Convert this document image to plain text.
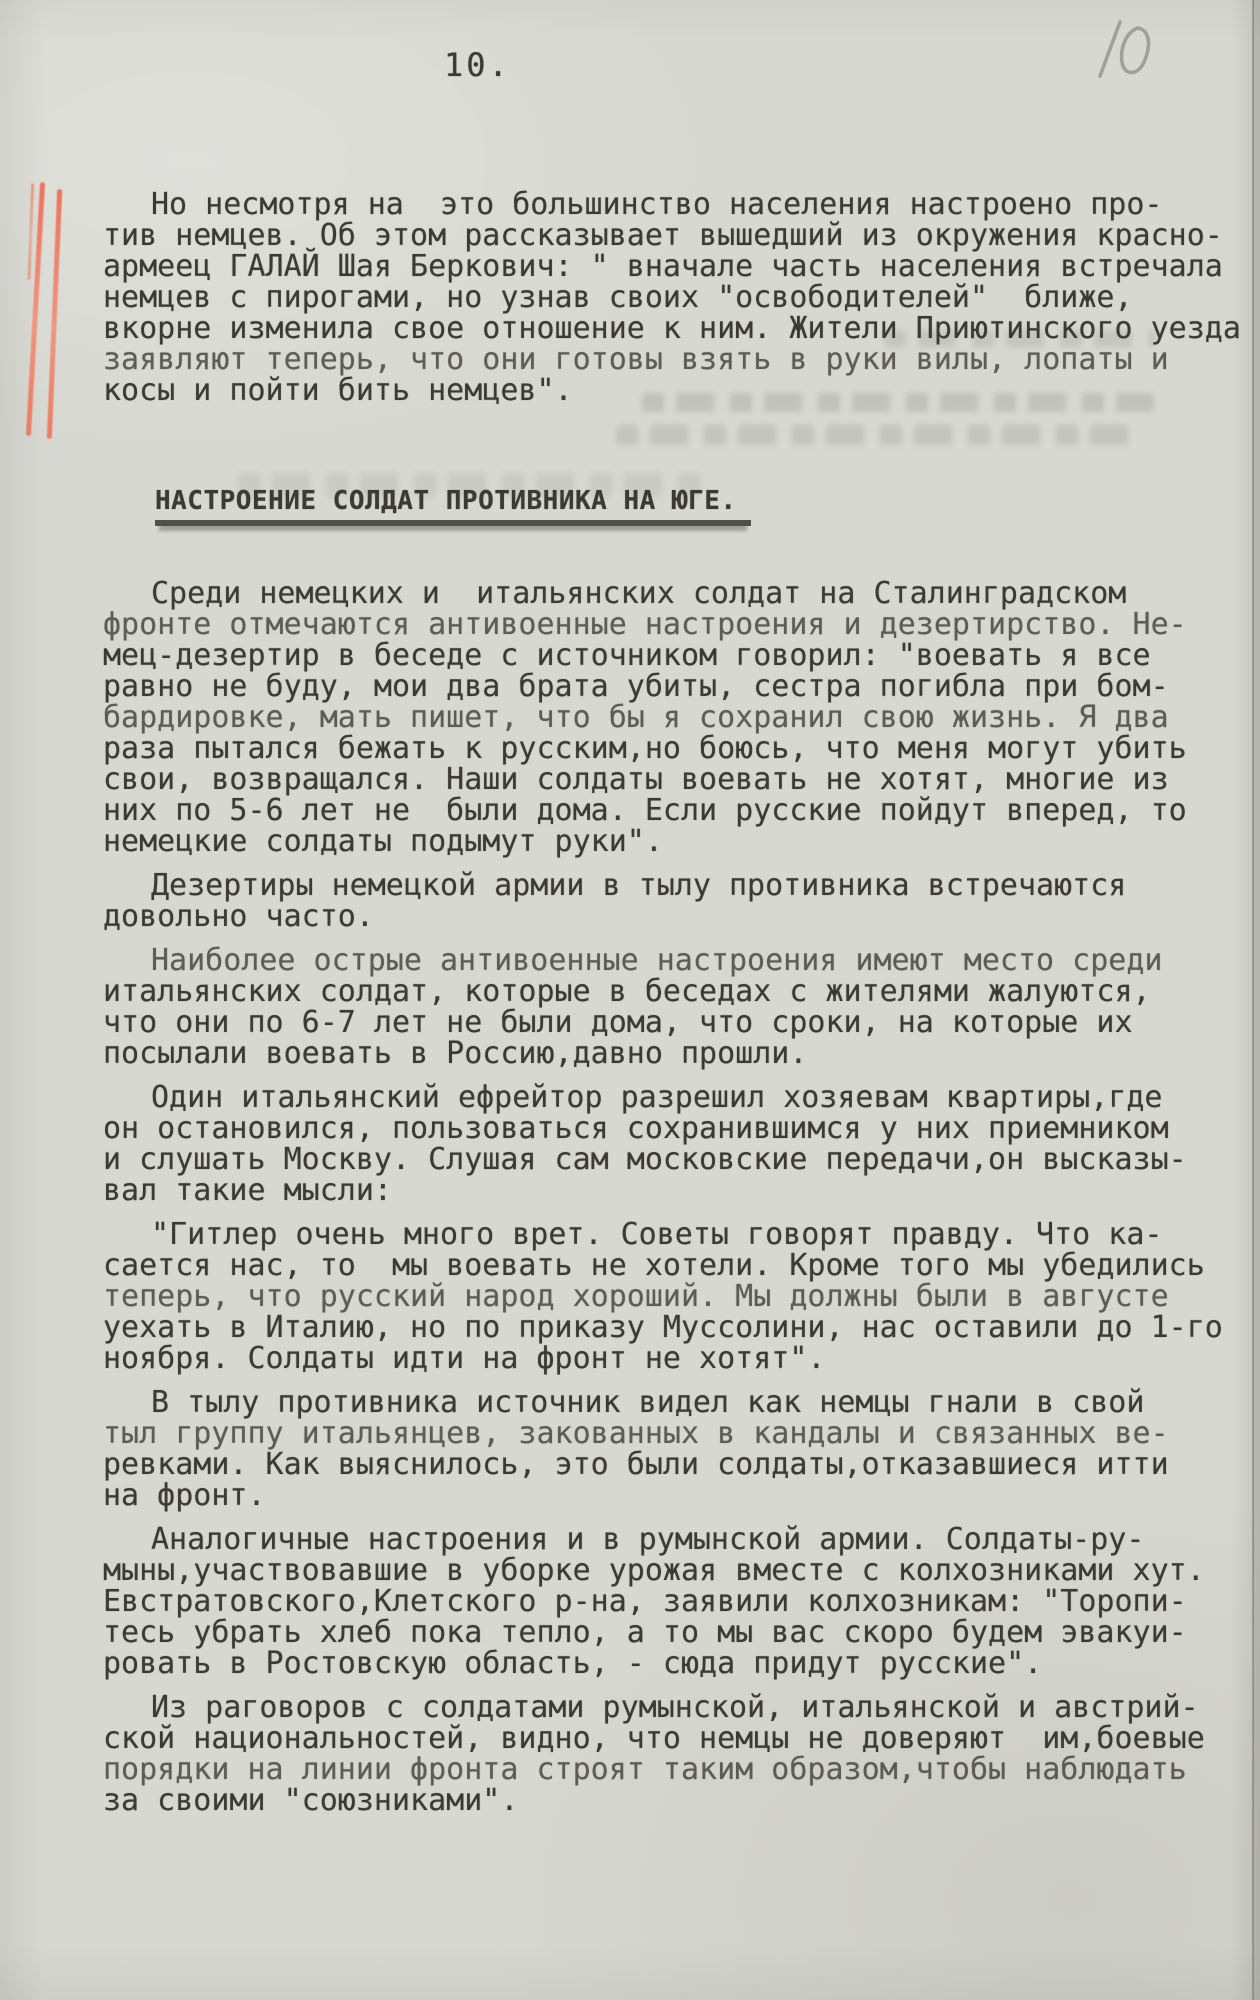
10.
Но несмотря на  это большинство населения настроено про-
тив немцев. Об этом рассказывает вышедший из окружения красно-
армеец ГАЛАЙ Шая Беркович: " вначале часть населения встречала
немцев с пирогами, но узнав своих "освободителей"  ближе,
вкорне изменила свое отношение к ним. Жители Приютинского уезда
заявляют теперь, что они готовы взять в руки вилы, лопаты и
косы и пойти бить немцев".
НАСТРОЕНИЕ СОЛДАТ ПРОТИВНИКА НА ЮГЕ.
Среди немецких и  итальянских солдат на Сталинградском
фронте отмечаются антивоенные настроения и дезертирство. Не-
мец-дезертир в беседе с источником говорил: "воевать я все
равно не буду, мои два брата убиты, сестра погибла при бом-
бардировке, мать пишет, что бы я сохранил свою жизнь. Я два
раза пытался бежать к русским,но боюсь, что меня могут убить
свои, возвращался. Наши солдаты воевать не хотят, многие из
них по 5-6 лет не  были дома. Если русские пойдут вперед, то
немецкие солдаты подымут руки".
Дезертиры немецкой армии в тылу противника встречаются
довольно часто.
Наиболее острые антивоенные настроения имеют место среди
итальянских солдат, которые в беседах с жителями жалуются,
что они по 6-7 лет не были дома, что сроки, на которые их
посылали воевать в Россию,давно прошли.
Один итальянский ефрейтор разрешил хозяевам квартиры,где
он остановился, пользоваться сохранившимся у них приемником
и слушать Москву. Слушая сам московские передачи,он высказы-
вал такие мысли:
"Гитлер очень много врет. Советы говорят правду. Что ка-
сается нас, то  мы воевать не хотели. Кроме того мы убедились
теперь, что русский народ хороший. Мы должны были в августе
уехать в Италию, но по приказу Муссолини, нас оставили до 1-го
ноября. Солдаты идти на фронт не хотят".
В тылу противника источник видел как немцы гнали в свой
тыл группу итальянцев, закованных в кандалы и связанных ве-
ревками. Как выяснилось, это были солдаты,отказавшиеся итти
на фронт.
Аналогичные настроения и в румынской армии. Солдаты-ру-
мыны,участвовавшие в уборке урожая вместе с колхозниками хут.
Евстратовского,Клетского р-на, заявили колхозникам: "Торопи-
тесь убрать хлеб пока тепло, а то мы вас скоро будем эвакуи-
ровать в Ростовскую область, - сюда придут русские".
Из раговоров с солдатами румынской, итальянской и австрий-
ской национальностей, видно, что немцы не доверяют  им,боевые
порядки на линии фронта строят таким образом,чтобы наблюдать
за своими "союзниками".
